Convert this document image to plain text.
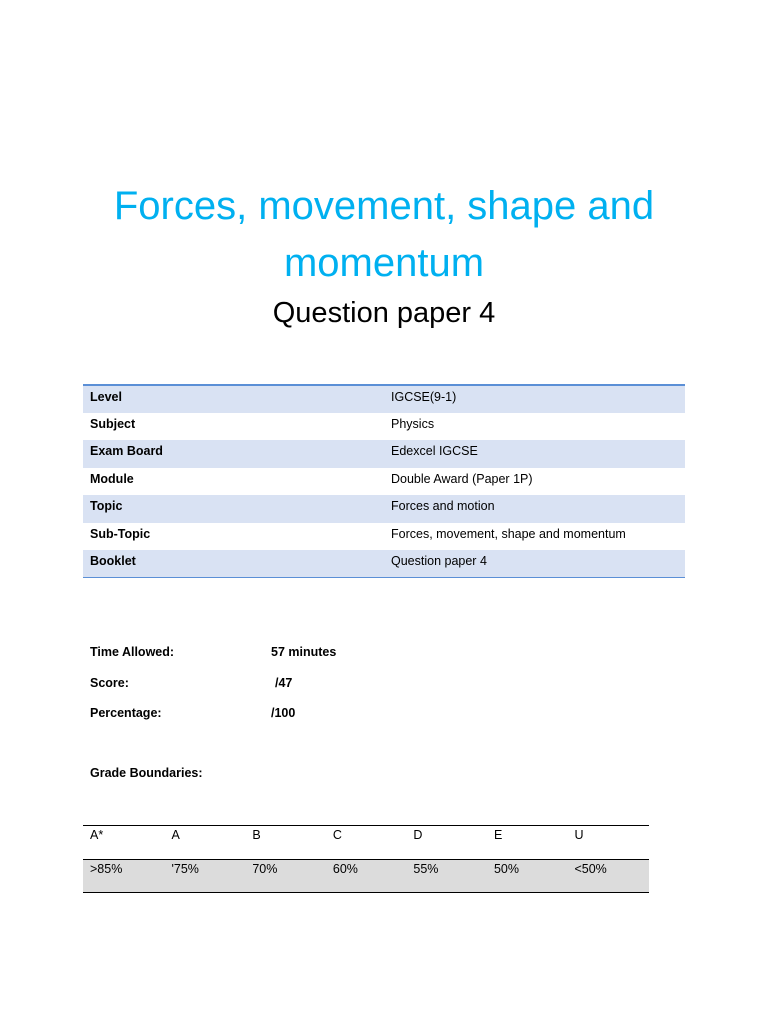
Forces, movement, shape and
momentum
Question paper 4
Level	IGCSE(9-1)
Subject	Physics
Exam Board	Edexcel IGCSE
Module	Double Award (Paper 1P)
Topic	Forces and motion
Sub-Topic	Forces, movement, shape and momentum
Booklet	Question paper 4
Time Allowed:	57 minutes
Score:	/47
Percentage:	/100
Grade Boundaries:
A*	A	B	C	D	E	U
>85%	'75%	70%	60%	55%	50%	<50%
